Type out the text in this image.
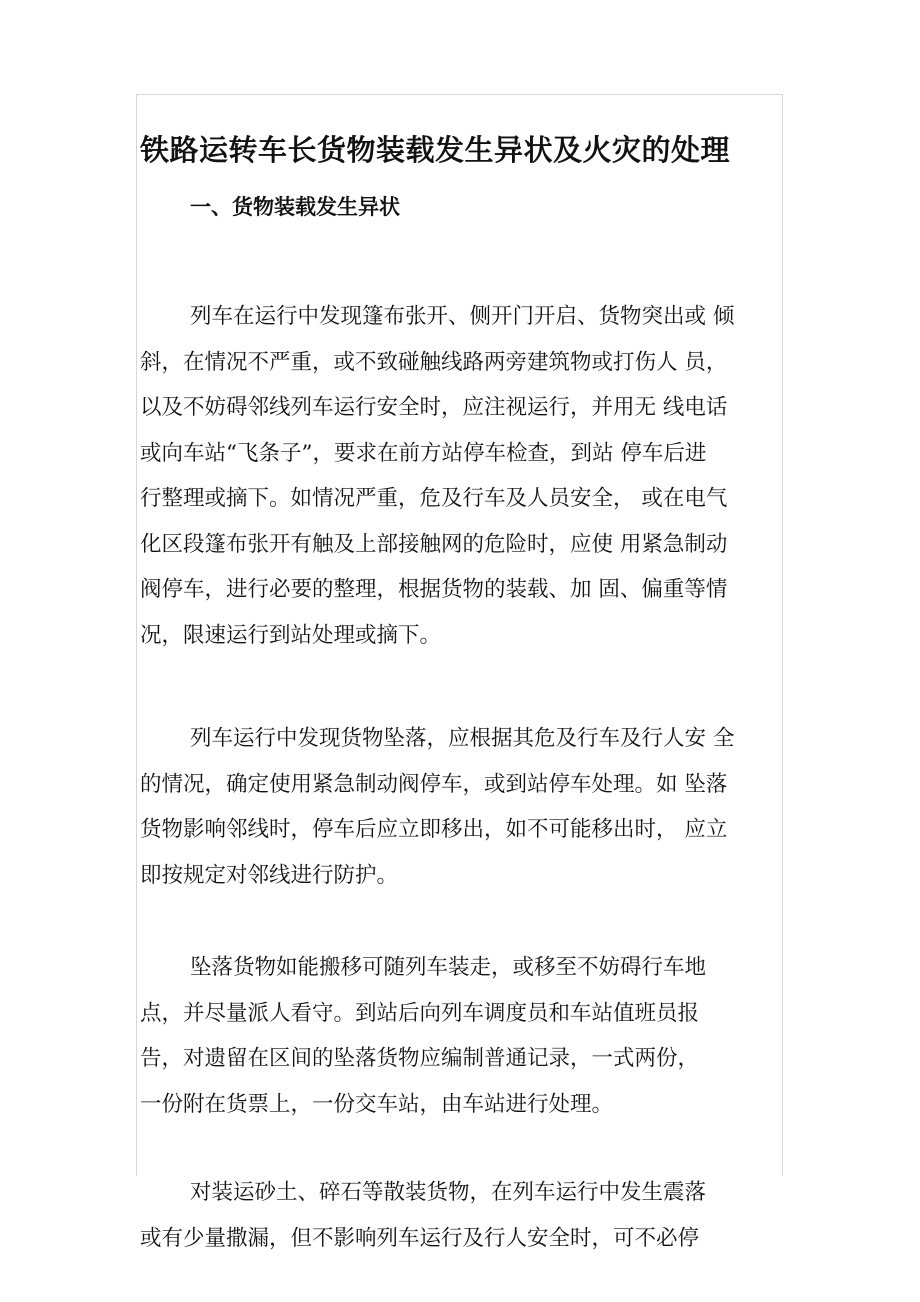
铁路运转车长货物装载发生异状及火灾的处理
一、货物装载发生异状
列车在运行中发现篷布张开、侧开门开启、货物突出或 倾
斜，在情况不严重，或不致碰触线路两旁建筑物或打伤人 员，
以及不妨碍邻线列车运行安全时，应注视运行，并用无 线电话
或向车站“飞条子”，要求在前方站停车检查，到站 停车后进
行整理或摘下。如情况严重，危及行车及人员安全， 或在电气
化区段篷布张开有触及上部接触网的危险时，应使 用紧急制动
阀停车，进行必要的整理，根据货物的装载、加 固、偏重等情
况，限速运行到站处理或摘下。
列车运行中发现货物坠落，应根据其危及行车及行人安 全
的情况，确定使用紧急制动阀停车，或到站停车处理。如 坠落
货物影响邻线时，停车后应立即移出，如不可能移出时， 应立
即按规定对邻线进行防护。
坠落货物如能搬移可随列车装走，或移至不妨碍行车地
点，并尽量派人看守。到站后向列车调度员和车站值班员报
告，对遗留在区间的坠落货物应编制普通记录，一式两份，
一份附在货票上，一份交车站，由车站进行处理。
对装运砂土、碎石等散装货物，在列车运行中发生震落
或有少量撒漏，但不影响列车运行及行人安全时，可不必停
